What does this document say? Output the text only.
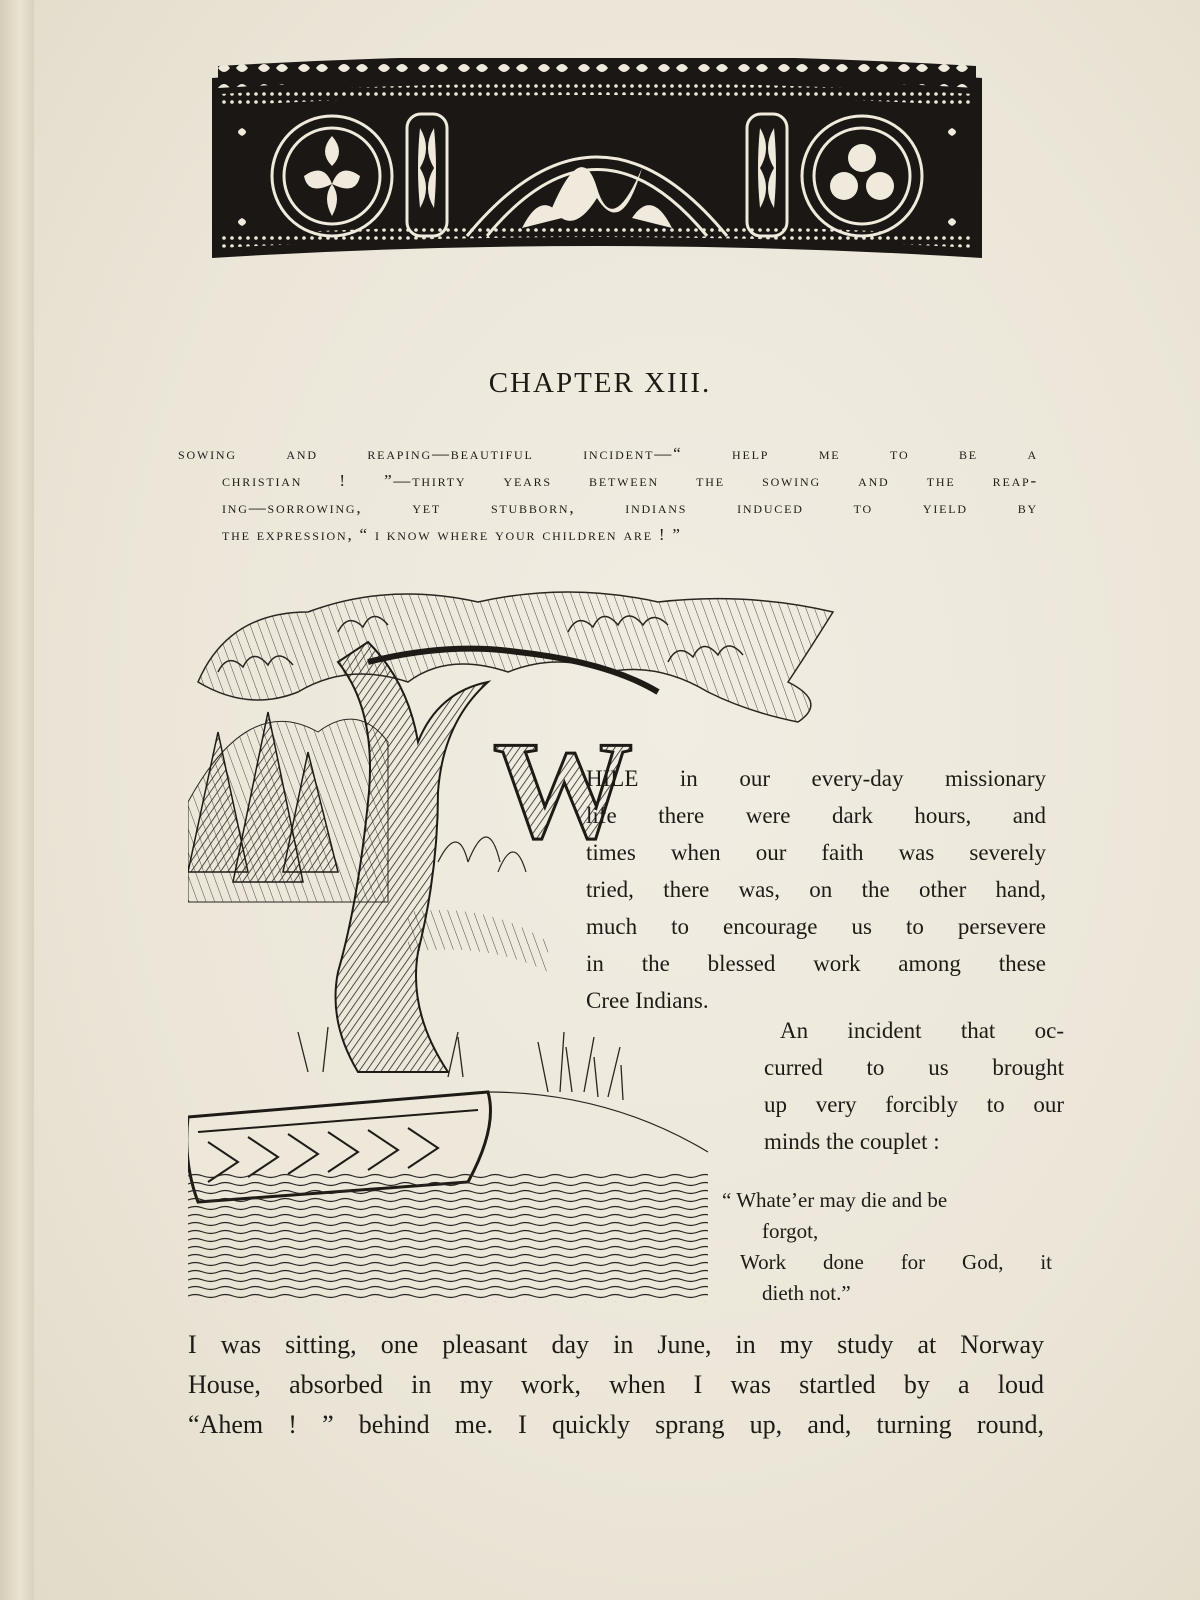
CHAPTER XIII.
sowing and reaping—beautiful incident—“ help me to be a
christian ! ”—thirty years between the sowing and the reap-
ing—sorrowing, yet stubborn, indians induced to yield by
the expression, “ i know where your children are ! ”
W
HILE in our every-day missionary
life there were dark hours, and
times when our faith was severely
tried, there was, on the other hand,
much to encourage us to persevere
in the blessed work among these
Cree Indians.
An incident that oc-
curred to us brought
up very forcibly to our
minds the couplet :
“ Whate’er may die and be
forgot,
Work done for God, it
dieth not.”
I was sitting, one pleasant day in June, in my study at Norway
House, absorbed in my work, when I was startled by a loud
“Ahem ! ” behind me. I quickly sprang up, and, turning round,
